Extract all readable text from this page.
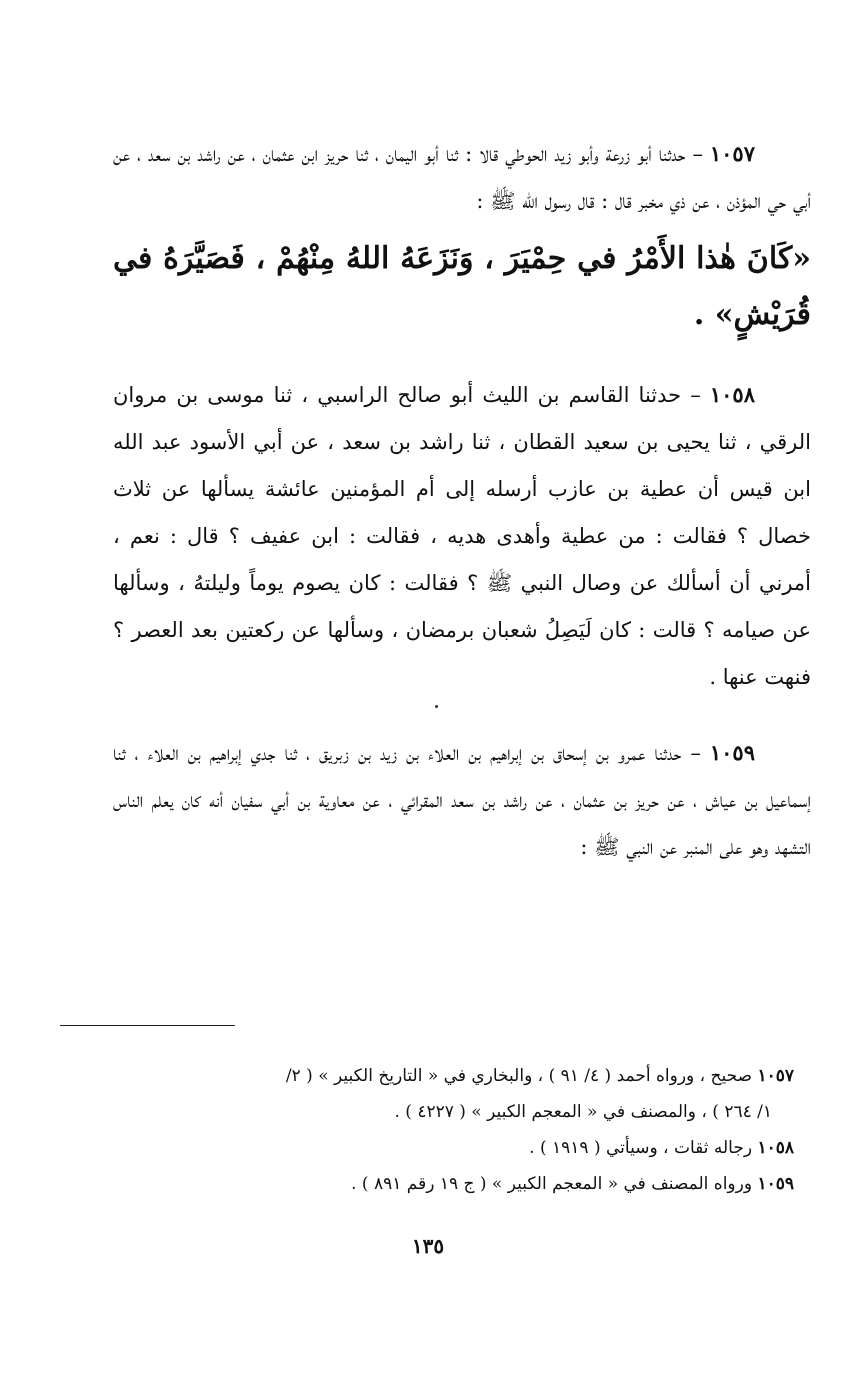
١٠٥٧ – حدثنا أبو زرعة وأبو زيد الحوطي قالا : ثنا أبو اليمان ، ثنا حريز ابن عثمان ، عن راشد بن سعد ، عن أبي حي المؤذن ، عن ذي مخبر قال : قال رسول الله ﷺ :

«كَانَ هٰذا الأَمْرُ في حِمْيَرَ ، وَنَزَعَهُ اللهُ مِنْهُمْ ، فَصَيَّرَهُ في قُرَيْشٍ» .

١٠٥٨ – حدثنا القاسم بن الليث أبو صالح الراسبي ، ثنا موسى بن مروان الرقي ، ثنا يحيى بن سعيد القطان ، ثنا راشد بن سعد ، عن أبي الأسود عبد الله ابن قيس أن عطية بن عازب أرسله إلى أم المؤمنين عائشة يسألها عن ثلاث خصال ؟ فقالت : من عطية وأهدى هديه ، فقالت : ابن عفيف ؟ قال : نعم ، أمرني أن أسألك عن وصال النبي ﷺ ؟ فقالت : كان يصوم يوماً وليلتهُ ، وسألها عن صيامه ؟ قالت : كان لَيَصِلُ شعبان برمضان ، وسألها عن ركعتين بعد العصر ؟ فنهت عنها .

١٠٥٩ – حدثنا عمرو بن إسحاق بن إبراهيم بن العلاء بن زيد بن زبريق ، ثنا جدي إبراهيم بن العلاء ، ثنا إسماعيل بن عياش ، عن حريز بن عثمان ، عن راشد بن سعد المقرائي ، عن معاوية بن أبي سفيان أنه كان يعلم الناس التشهد وهو على المنبر عن النبي ﷺ :

١٠٥٧ صحيح ، ورواه أحمد ( ٤/ ٩١ ) ، والبخاري في « التاريخ الكبير » ( ٢/

١/ ٢٦٤ ) ، والمصنف في « المعجم الكبير » ( ٤٢٢٧ ) .

١٠٥٨ رجاله ثقات ، وسيأتي ( ١٩١٩ ) .

١٠٥٩ ورواه المصنف في « المعجم الكبير » ( ج ١٩ رقم ٨٩١ ) .

١٣٥
